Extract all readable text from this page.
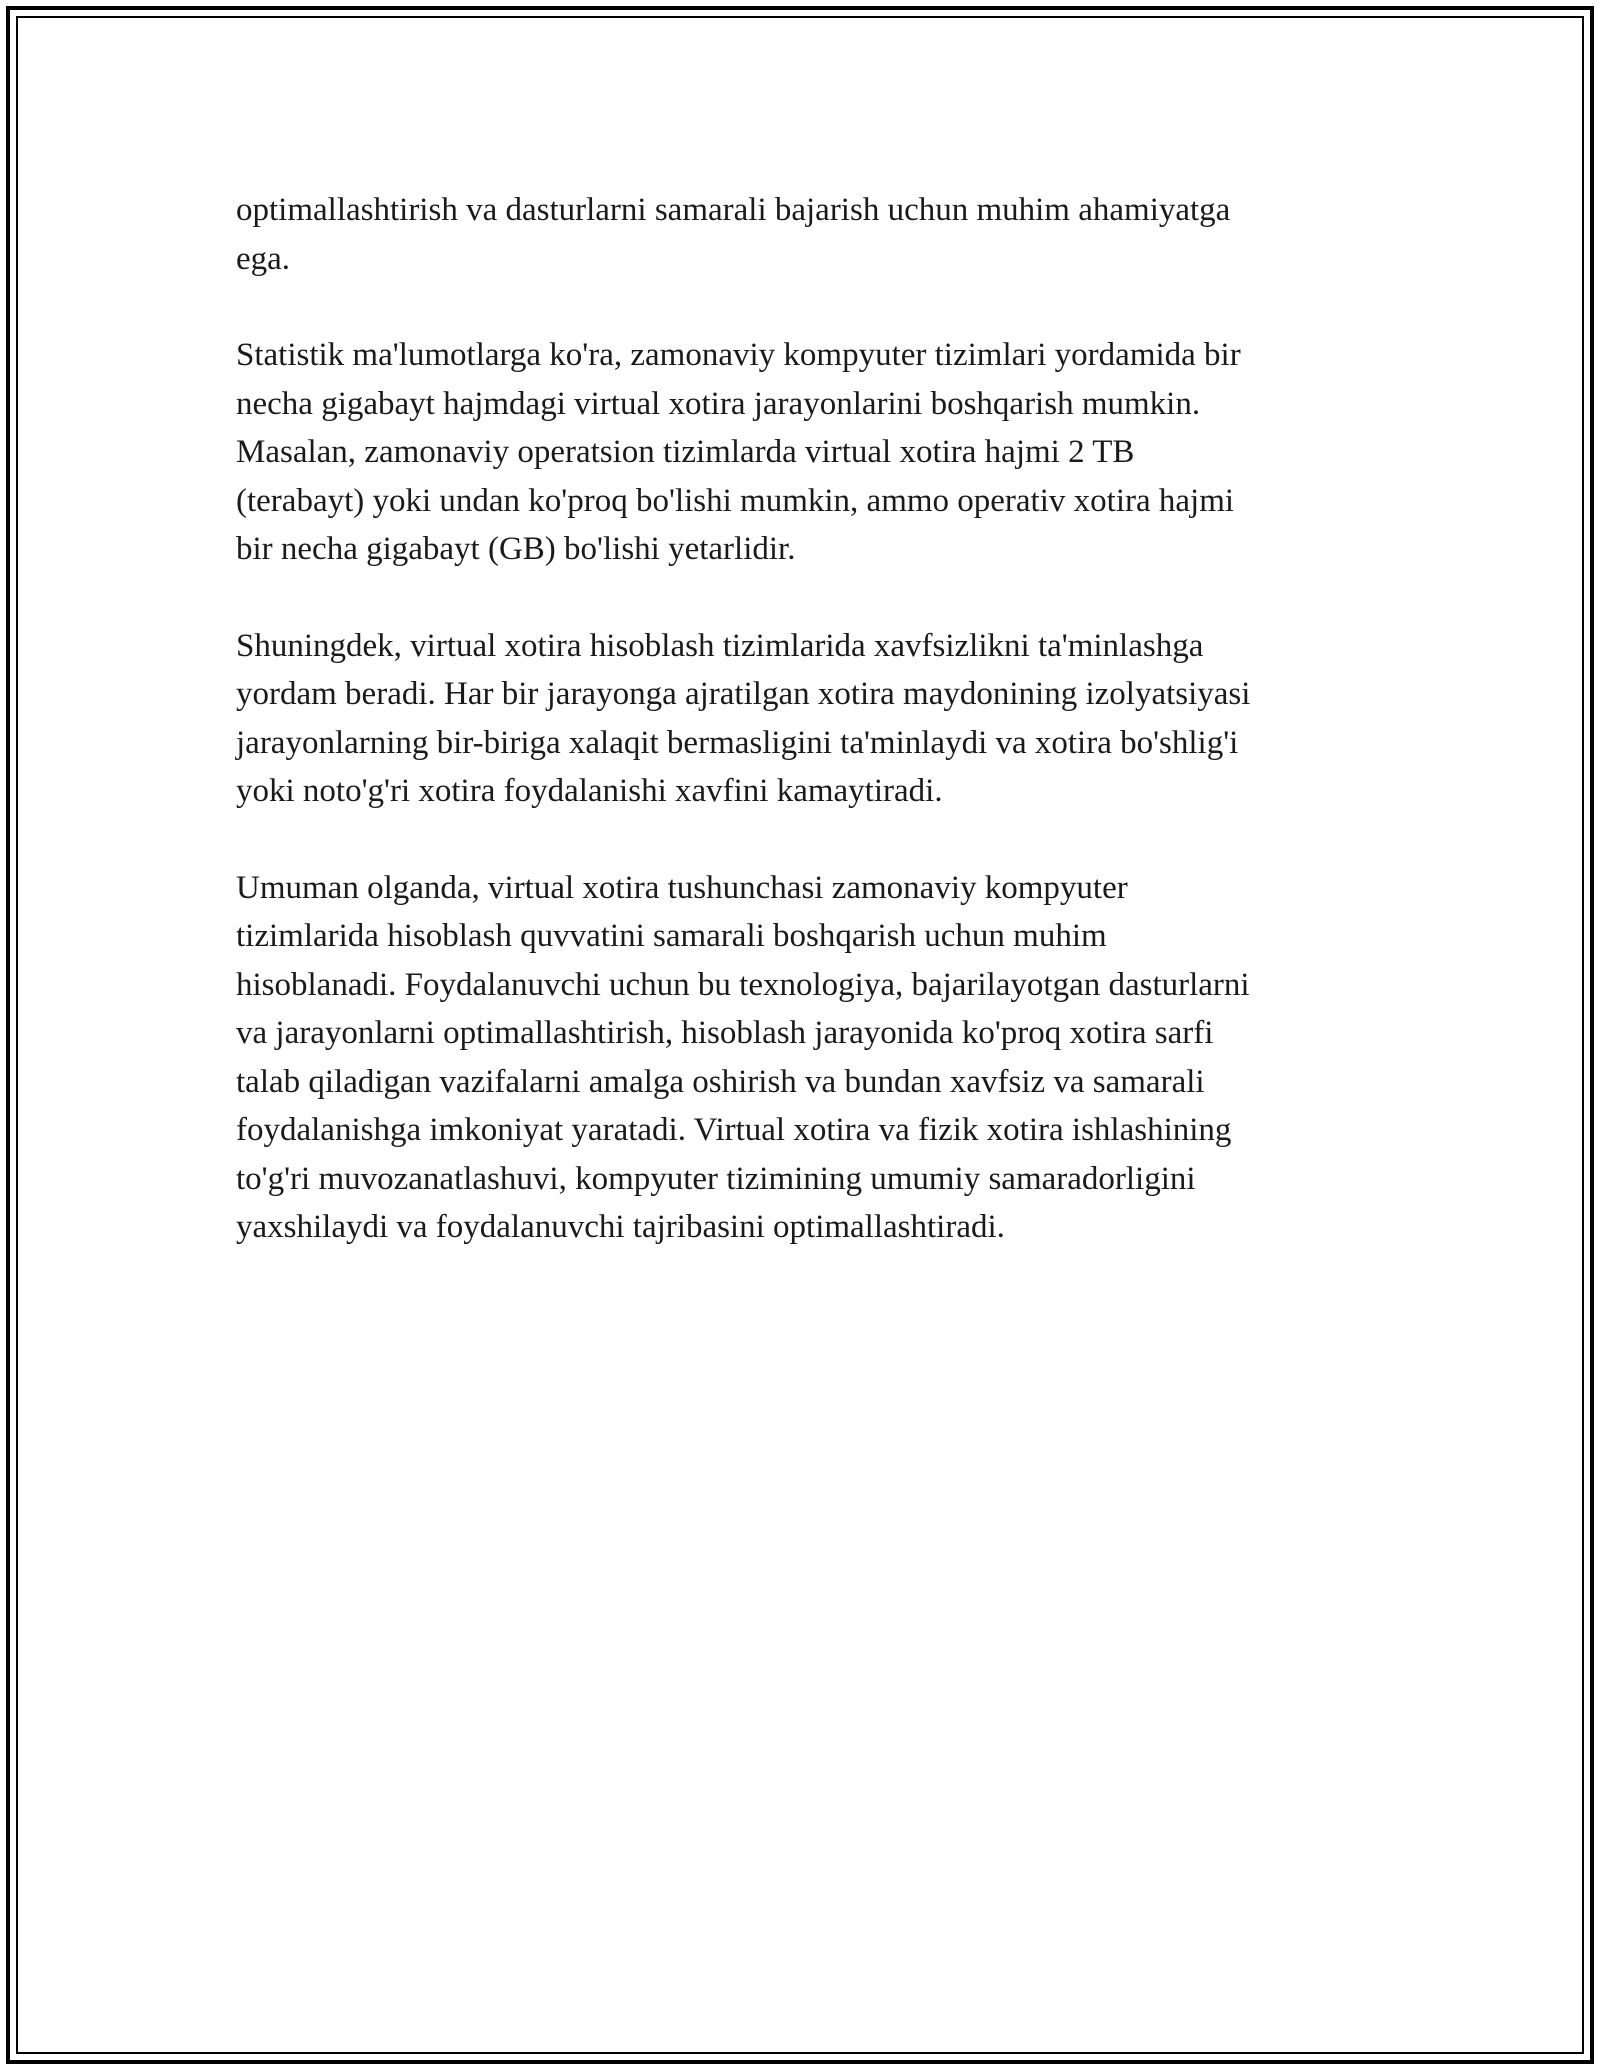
optimallashtirish va dasturlarni samarali bajarish uchun muhim ahamiyatga
ega.

Statistik ma'lumotlarga ko'ra, zamonaviy kompyuter tizimlari yordamida bir
necha gigabayt hajmdagi virtual xotira jarayonlarini boshqarish mumkin.
Masalan, zamonaviy operatsion tizimlarda virtual xotira hajmi 2 TB
(terabayt) yoki undan ko'proq bo'lishi mumkin, ammo operativ xotira hajmi
bir necha gigabayt (GB) bo'lishi yetarlidir.

Shuningdek, virtual xotira hisoblash tizimlarida xavfsizlikni ta'minlashga
yordam beradi. Har bir jarayonga ajratilgan xotira maydonining izolyatsiyasi
jarayonlarning bir-biriga xalaqit bermasligini ta'minlaydi va xotira bo'shlig'i
yoki noto'g'ri xotira foydalanishi xavfini kamaytiradi.

Umuman olganda, virtual xotira tushunchasi zamonaviy kompyuter
tizimlarida hisoblash quvvatini samarali boshqarish uchun muhim
hisoblanadi. Foydalanuvchi uchun bu texnologiya, bajarilayotgan dasturlarni
va jarayonlarni optimallashtirish, hisoblash jarayonida ko'proq xotira sarfi
talab qiladigan vazifalarni amalga oshirish va bundan xavfsiz va samarali
foydalanishga imkoniyat yaratadi. Virtual xotira va fizik xotira ishlashining
to'g'ri muvozanatlashuvi, kompyuter tizimining umumiy samaradorligini
yaxshilaydi va foydalanuvchi tajribasini optimallashtiradi.
